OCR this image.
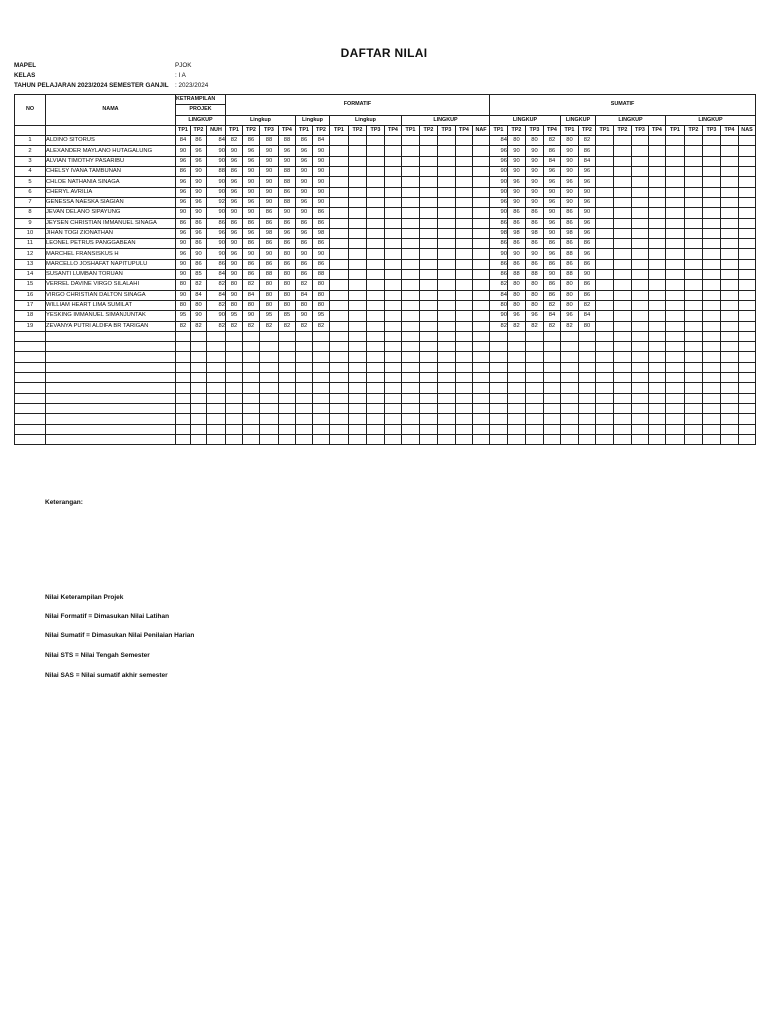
DAFTAR NILAI
MAPEL	PJOK
KELAS	: I A
TAHUN PELAJARAN 2023/2024 SEMESTER GANJIL : 2023/2024
NO	NAMA	KETRAMPILAN			FORMATIF															SUMATIF														
		PROJEK																																
		LINGKUP			Lingkup				Lingkup		Lingkup				LINGKUP					LINGKUP				LINGKUP		LINGKUP				LINGKUP				
		TP1	TP2	NUH	TP1	TP2	TP3	TP4	TP1	TP2	TP1	TP2	TP3	TP4	TP1	TP2	TP3	TP4	NAF	TP1	TP2	TP3	TP4	TP1	TP2	TP1	TP2	TP3	TP4	TP1	TP2	TP3	TP4	NAS
1	ALDINO SITORUS	84	86	84	82	86	88	88	86	84										84	80	80	82	80	82									
2	ALEXANDER MAYLANO HUTAGALUNG	90	96	90	90	96	90	96	96	90										96	90	90	86	90	86									
3	ALVIAN TIMOTHY PASARIBU	96	96	90	96	96	90	90	96	90										96	90	90	84	90	84									
4	CHELSY IVANA TAMBUNAN	86	90	88	86	90	90	88	90	90										90	90	90	96	90	96									
5	CHLOE NATHANIA SINAGA	96	90	90	96	90	90	88	90	90										90	96	90	96	96	96									
6	CHERYL AVRILIA	96	90	90	96	90	90	86	90	90										90	90	90	90	90	90									
7	GENESSA NAESKA SIAGIAN	96	96	92	96	96	90	88	96	90										96	90	90	96	90	96									
8	JEVAN DELANO SIPAYUNG	90	90	90	90	90	86	90	90	86										90	86	86	90	86	90									
9	JEYSEN CHRISTIAN IMMANUEL SINAGA	86	86	86	86	86	86	86	86	86										86	86	86	96	86	96									
10	JIHAN TOGI ZIONATHAN	96	96	96	96	96	98	96	96	98										98	98	98	90	98	96									
11	LEONEL PETRUS PANGGABEAN	90	86	90	90	86	86	86	86	86										86	86	86	86	86	86									
12	MARCHEL FRANSISKUS H	96	90	90	96	90	90	80	90	90										90	90	90	96	88	96									
13	MARCELLO JOSHAFAT NAPITUPULU	90	86	86	90	86	86	86	86	86										86	86	86	86	86	86									
14	SUSANTI LUMBAN TORUAN	90	85	84	90	86	88	80	86	88										86	88	88	90	88	90									
15	VERREL DAVINE VIRGO SILALAHI	80	82	82	80	82	80	80	82	80										82	80	80	86	80	86									
16	VIRGO CHRISTIAN DALTON SINAGA	90	84	84	90	84	80	80	84	80										84	80	80	86	80	86									
17	WILLIAM HEART LIMA SUMILAT	80	80	82	80	80	80	80	80	80										80	80	80	82	80	82									
18	YESKING IMMANUEL SIMANJUNTAK	95	90	90	95	90	95	85	90	95										90	96	96	84	96	84									
19	ZEVANYA PUTRI ALDIFA BR TARIGAN	82	82	82	82	82	82	82	82	82										82	82	82	82	82	80									

Keterangan:
Nilai Keterampilan Projek
Nilai Formatif = Dimasukan Nilai Latihan
Nilai Sumatif = Dimasukan Nilai Penilaian Harian
Nilai STS = Nilai Tengah Semester
Nilai SAS = Nilai sumatif akhir semester
